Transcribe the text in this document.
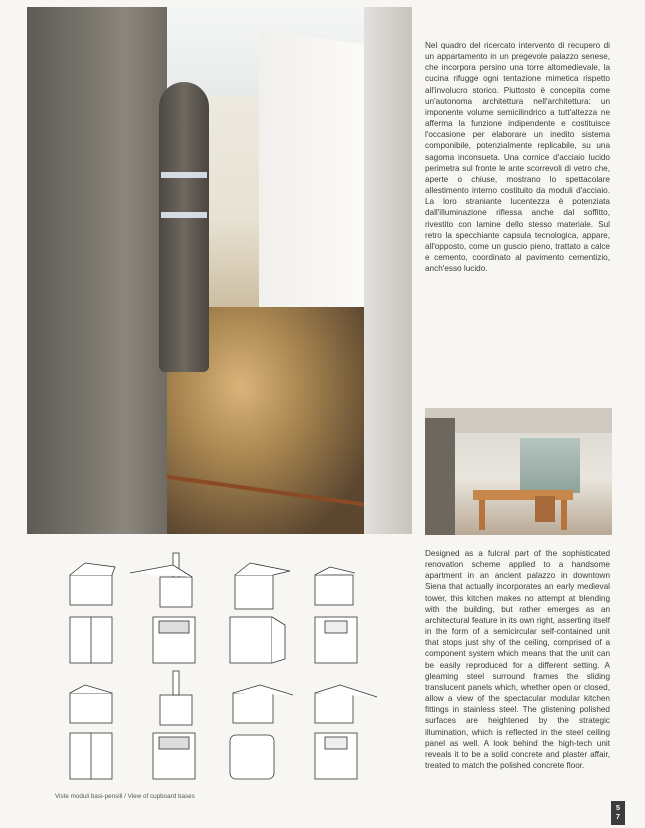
Nel quadro del ricercato intervento di recupero di un appartamento in un pregevole palazzo senese, che incorpora persino una torre altomedievale, la cucina rifugge ogni tentazione mimetica rispetto all'involucro storico. Piuttosto è concepita come un'autonoma architettura nell'architettura: un imponente volume semicilindrico a tutt'altezza ne afferma la funzione indipendente e costituisce l'occasione per elaborare un inedito sistema componibile, potenzialmente replicabile, su una sagoma inconsueta. Una cornice d'acciaio lucido perimetra sul fronte le ante scorrevoli di vetro che, aperte o chiuse, mostrano lo spettacolare allestimento interno costituito da moduli d'acciaio. La loro straniante lucentezza è potenziata dall'illuminazione riflessa anche dal soffitto, rivestito con lamine dello stesso materiale. Sul retro la specchiante capsula tecnologica, appare, all'opposto, come un guscio pieno, trattato a calce e cemento, coordinato al pavimento cementizio, anch'esso lucido.

Designed as a fulcral part of the sophisticated renovation scheme applied to a handsome apartment in an ancient palazzo in downtown Siena that actually incorporates an early medieval tower, this kitchen makes no attempt at blending with the building, but rather emerges as an architectural feature in its own right, asserting itself in the form of a semicircular self-contained unit that stops just shy of the ceiling, comprised of a component system which means that the unit can be easily reproduced for a different setting. A gleaming steel surround frames the sliding translucent panels which, whether open or closed, allow a view of the spectacular modular kitchen fittings in stainless steel. The glistening polished surfaces are heightened by the strategic illumination, which is reflected in the steel ceiling panel as well. A look behind the high-tech unit reveals it to be a solid concrete and plaster affair, treated to match the polished concrete floor.

Viste moduli basi-pensili / View of cupboard bases
5
7
